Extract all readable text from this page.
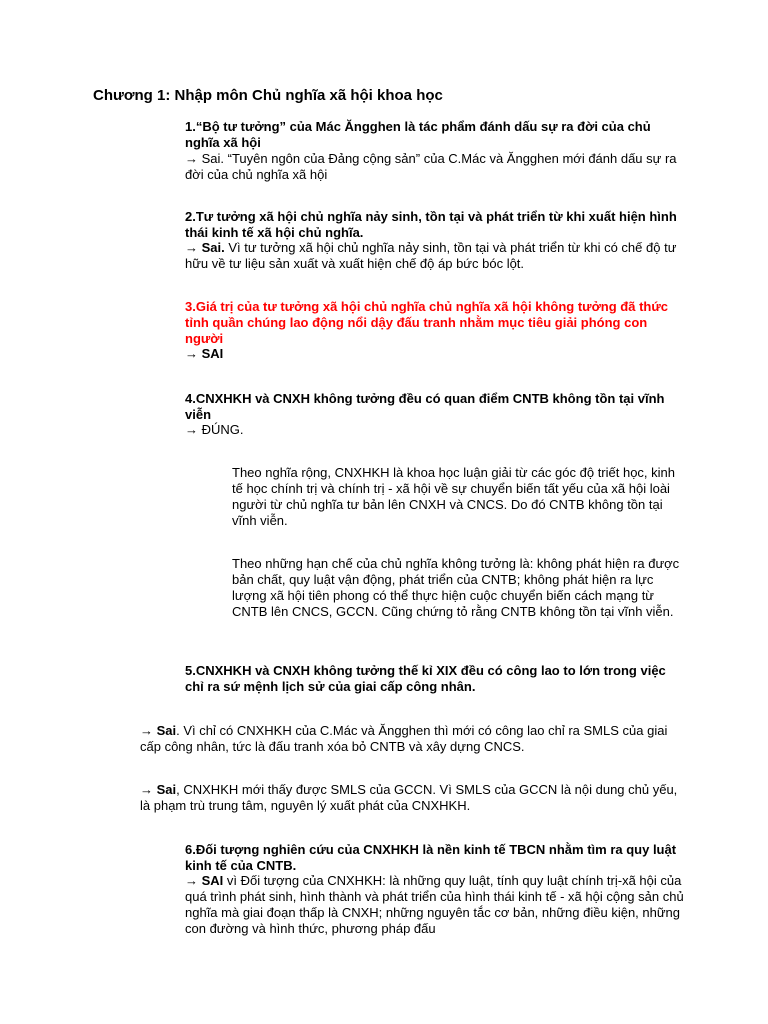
Chương 1: Nhập môn Chủ nghĩa xã hội khoa học
1.“Bộ tư tưởng” của Mác Ăngghen là tác phẩm đánh dấu sự ra đời của chủ nghĩa xã hội
→ Sai. “Tuyên ngôn của Đảng cộng sản” của C.Mác và Ăngghen mới đánh dấu sự ra đời của chủ nghĩa xã hội
2.Tư tưởng xã hội chủ nghĩa nảy sinh, tồn tại và phát triển từ khi xuất hiện hình thái kinh tế xã hội chủ nghĩa.
→ Sai. Vì tư tưởng xã hội chủ nghĩa nảy sinh, tồn tại và phát triển từ khi có chế độ tư hữu về tư liệu sản xuất và xuất hiện chế độ áp bức bóc lột.
3.Giá trị của tư tưởng xã hội chủ nghĩa chủ nghĩa xã hội không tưởng đã thức tỉnh quần chúng lao động nổi dậy đấu tranh nhằm mục tiêu giải phóng con người
→ SAI
4.CNXHKH và CNXH không tưởng đều có quan điểm CNTB không tồn tại vĩnh viễn
→ ĐÚNG.
Theo nghĩa rộng, CNXHKH là khoa học luận giải từ các góc độ triết học, kinh tế học chính trị và chính trị - xã hội về sự chuyển biến tất yếu của xã hội loài người từ chủ nghĩa tư bản lên CNXH và CNCS. Do đó CNTB không tồn tại vĩnh viễn.
Theo những hạn chế của chủ nghĩa không tưởng là: không phát hiện ra được bản chất, quy luật vận động, phát triển của CNTB; không phát hiện ra lực lượng xã hội tiên phong có thể thực hiện cuộc chuyển biến cách mạng từ CNTB lên CNCS, GCCN. Cũng chứng tỏ rằng CNTB không tồn tại vĩnh viễn.
5.CNXHKH và CNXH không tưởng thế kỉ XIX đều có công lao to lớn trong việc chỉ ra sứ mệnh lịch sử của giai cấp công nhân.
→ Sai. Vì chỉ có CNXHKH của C.Mác và Ăngghen thì mới có công lao chỉ ra SMLS của giai cấp công nhân, tức là đấu tranh xóa bỏ CNTB và xây dựng CNCS.
→ Sai, CNXHKH mới thấy được SMLS của GCCN. Vì SMLS của GCCN là nội dung chủ yếu, là phạm trù trung tâm, nguyên lý xuất phát của CNXHKH.
6.Đối tượng nghiên cứu của CNXHKH là nền kinh tế TBCN nhằm tìm ra quy luật kinh tế của CNTB.
→ SAI vì Đối tượng của CNXHKH: là những quy luật, tính quy luật chính trị-xã hội của quá trình phát sinh, hình thành và phát triển của hình thái kinh tế - xã hội cộng sản chủ nghĩa mà giai đoạn thấp là CNXH; những nguyên tắc cơ bản, những điều kiện, những con đường và hình thức, phương pháp đấu
